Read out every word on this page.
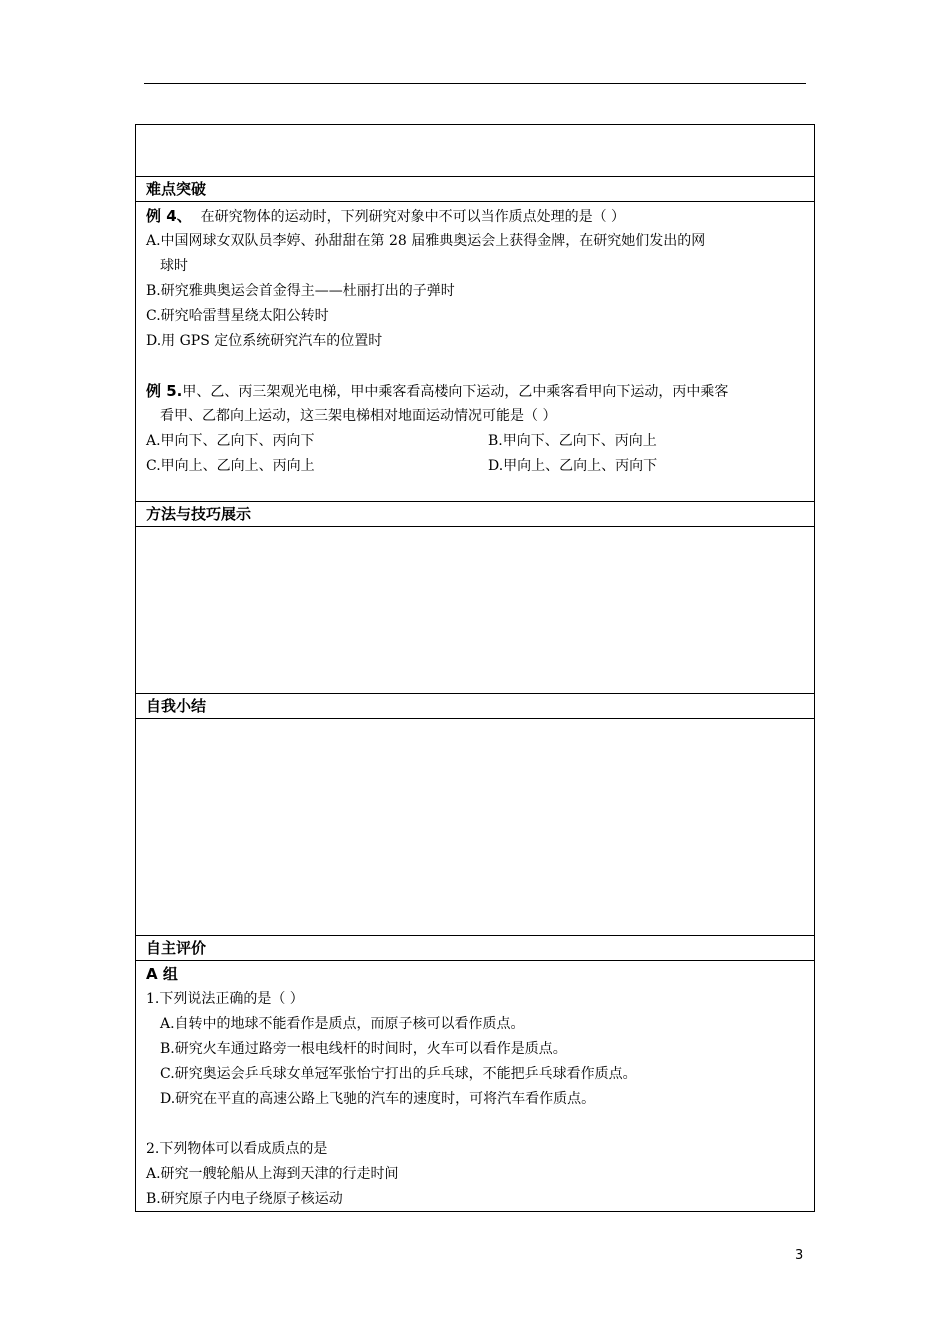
难点突破
例 4、 在研究物体的运动时，下列研究对象中不可以当作质点处理的是（ ）
A.中国网球女双队员李婷、孙甜甜在第 28 届雅典奥运会上获得金牌，在研究她们发出的网
球时
B.研究雅典奥运会首金得主——杜丽打出的子弹时
C.研究哈雷彗星绕太阳公转时
D.用 GPS 定位系统研究汽车的位置时
例 5.甲、乙、丙三架观光电梯，甲中乘客看高楼向下运动，乙中乘客看甲向下运动，丙中乘客
看甲、乙都向上运动，这三架电梯相对地面运动情况可能是（ ）
A.甲向下、乙向下、丙向下	B.甲向下、乙向下、丙向上
C.甲向上、乙向上、丙向上	D.甲向上、乙向上、丙向下
方法与技巧展示
自我小结
自主评价
A 组
1.下列说法正确的是（ ）
A.自转中的地球不能看作是质点，而原子核可以看作质点。
B.研究火车通过路旁一根电线杆的时间时，火车可以看作是质点。
C.研究奥运会乒乓球女单冠军张怡宁打出的乒乓球，不能把乒乓球看作质点。
D.研究在平直的高速公路上飞驰的汽车的速度时，可将汽车看作质点。
2.下列物体可以看成质点的是
A.研究一艘轮船从上海到天津的行走时间
B.研究原子内电子绕原子核运动
3
